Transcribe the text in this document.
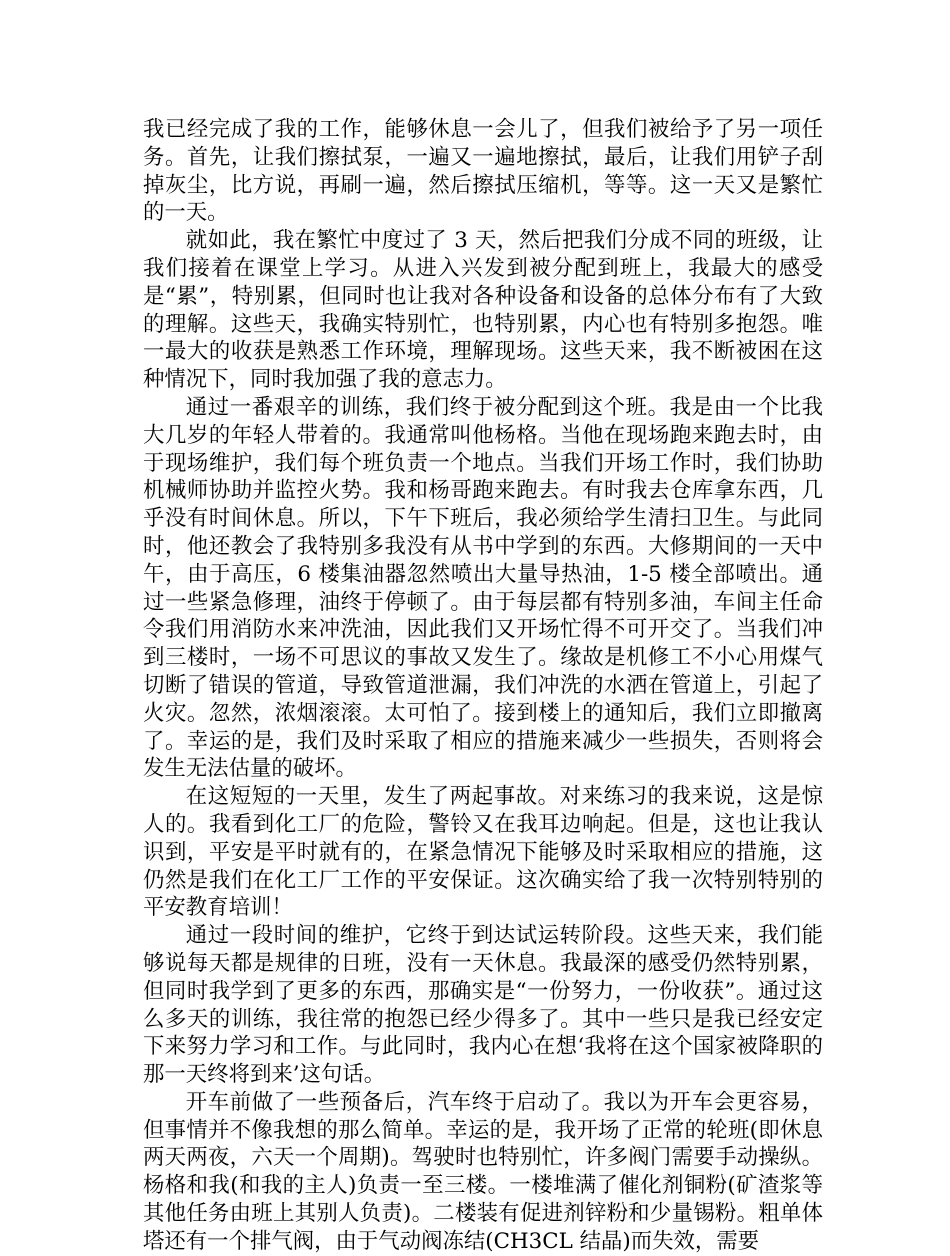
我已经完成了我的工作，能够休息一会儿了，但我们被给予了另一项任务。首先，让我们擦拭泵，一遍又一遍地擦拭，最后，让我们用铲子刮掉灰尘，比方说，再刷一遍，然后擦拭压缩机，等等。这一天又是繁忙的一天。

就如此，我在繁忙中度过了 3 天，然后把我们分成不同的班级，让我们接着在课堂上学习。从进入兴发到被分配到班上，我最大的感受是“累”，特别累，但同时也让我对各种设备和设备的总体分布有了大致的理解。这些天，我确实特别忙，也特别累，内心也有特别多抱怨。唯一最大的收获是熟悉工作环境，理解现场。这些天来，我不断被困在这种情况下，同时我加强了我的意志力。

通过一番艰辛的训练，我们终于被分配到这个班。我是由一个比我大几岁的年轻人带着的。我通常叫他杨格。当他在现场跑来跑去时，由于现场维护，我们每个班负责一个地点。当我们开场工作时，我们协助机械师协助并监控火势。我和杨哥跑来跑去。有时我去仓库拿东西，几乎没有时间休息。所以，下午下班后，我必须给学生清扫卫生。与此同时，他还教会了我特别多我没有从书中学到的东西。大修期间的一天中午，由于高压，6 楼集油器忽然喷出大量导热油，1-5 楼全部喷出。通过一些紧急修理，油终于停顿了。由于每层都有特别多油，车间主任命令我们用消防水来冲洗油，因此我们又开场忙得不可开交了。当我们冲到三楼时，一场不可思议的事故又发生了。缘故是机修工不小心用煤气切断了错误的管道，导致管道泄漏，我们冲洗的水洒在管道上，引起了火灾。忽然，浓烟滚滚。太可怕了。接到楼上的通知后，我们立即撤离了。幸运的是，我们及时采取了相应的措施来减少一些损失，否则将会发生无法估量的破坏。

在这短短的一天里，发生了两起事故。对来练习的我来说，这是惊人的。我看到化工厂的危险，警铃又在我耳边响起。但是，这也让我认识到，平安是平时就有的，在紧急情况下能够及时采取相应的措施，这仍然是我们在化工厂工作的平安保证。这次确实给了我一次特别特别的平安教育培训！

通过一段时间的维护，它终于到达试运转阶段。这些天来，我们能够说每天都是规律的日班，没有一天休息。我最深的感受仍然特别累，但同时我学到了更多的东西，那确实是“一份努力，一份收获”。通过这么多天的训练，我往常的抱怨已经少得多了。其中一些只是我已经安定下来努力学习和工作。与此同时，我内心在想‘我将在这个国家被降职的那一天终将到来’这句话。

开车前做了一些预备后，汽车终于启动了。我以为开车会更容易，但事情并不像我想的那么简单。幸运的是，我开场了正常的轮班(即休息两天两夜，六天一个周期)。驾驶时也特别忙，许多阀门需要手动操纵。杨格和我(和我的主人)负责一至三楼。一楼堆满了催化剂铜粉(矿渣浆等其他任务由班上其别人负责)。二楼装有促进剂锌粉和少量锡粉。粗单体塔还有一个排气阀，由于气动阀冻结(CH3CL 结晶)而失效，需要
